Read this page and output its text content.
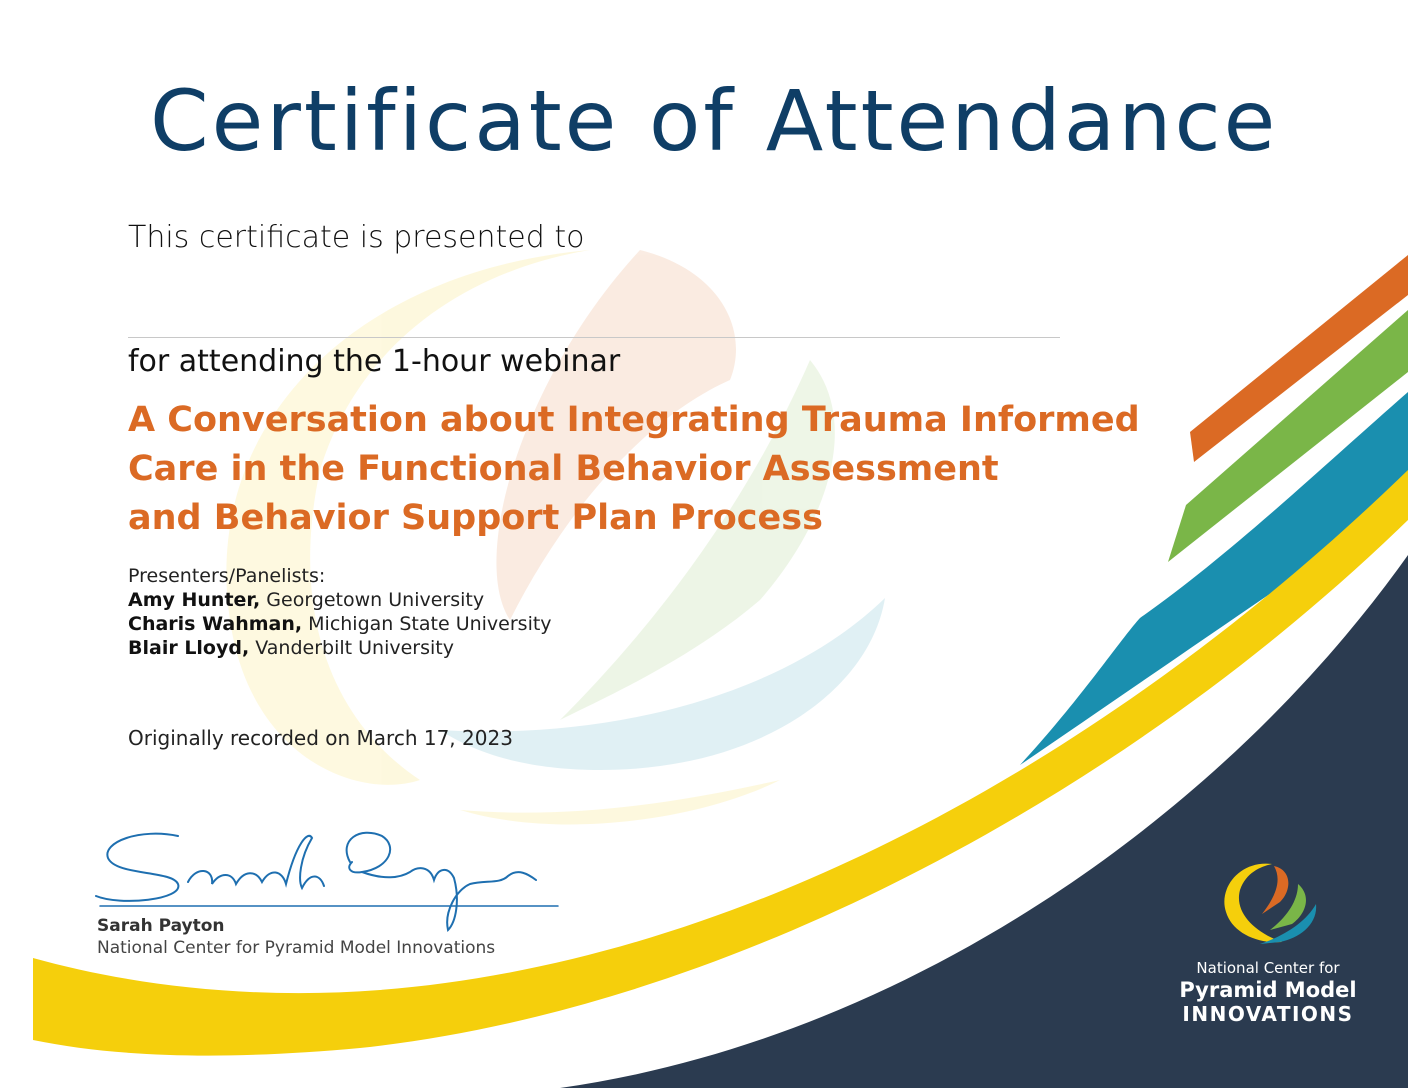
Certificate of Attendance
This certificate is presented to
for attending the 1-hour webinar
A Conversation about Integrating Trauma Informed
Care in the Functional Behavior Assessment
and Behavior Support Plan Process
Presenters/Panelists:
Amy Hunter, Georgetown University
Charis Wahman, Michigan State University
Blair Lloyd, Vanderbilt University
Originally recorded on March 17, 2023
Sarah Payton
National Center for Pyramid Model Innovations
National Center for
Pyramid Model
INNOVATIONS
